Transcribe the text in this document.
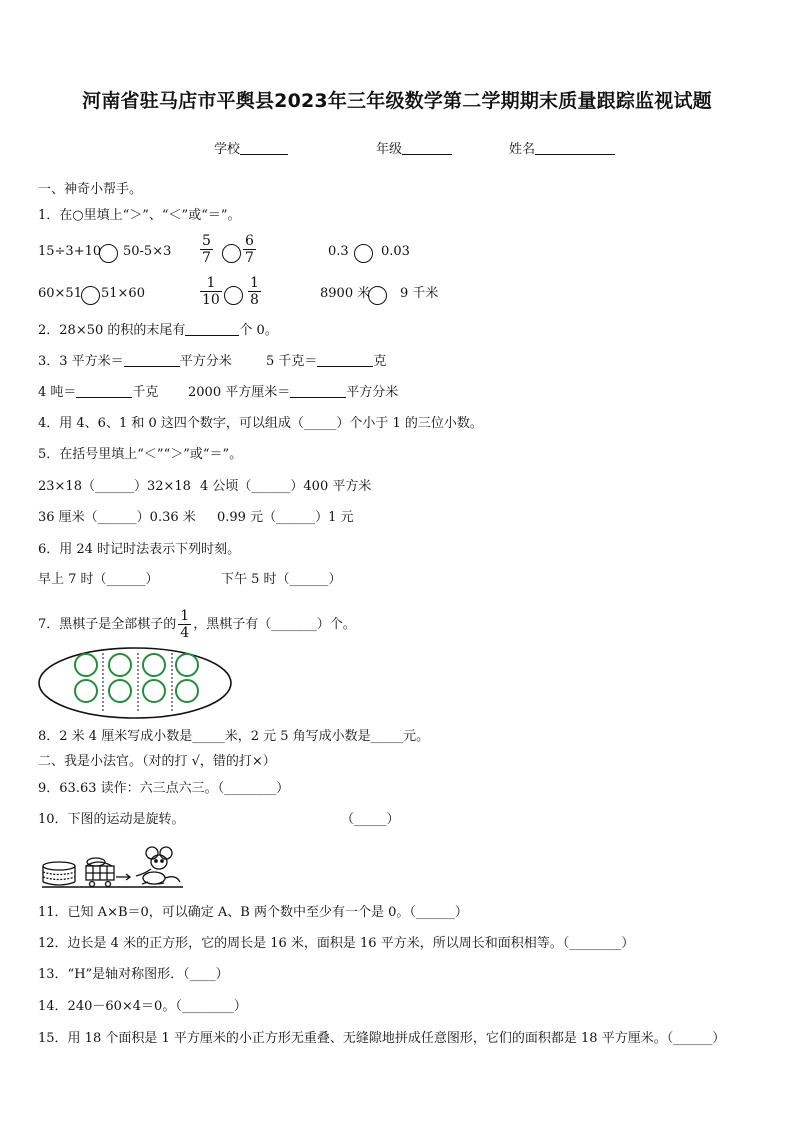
河南省驻马店市平舆县2023年三年级数学第二学期期末质量跟踪监视试题
学校	年级	姓名
一、神奇小帮手。
1．在○里填上“＞”、“＜”或“＝”。
15÷3+10 $50-5\times 3 \frac{5}{7} \frac{6}{7}$	0.3 0.03
60×51 51×60	$\frac{1}{10} \frac{1}{8}$	8900 米 9 千米
2．28×50 的积的末尾有	个 0。
3．3 平方米＝	平方分米	5 千克＝	克
4 吨＝	千克 2000 平方厘米＝	平方分米
4．用 4、6、1 和 0 这四个数字，可以组成（_____）个小于 1 的三位小数。
5．在括号里填上“＜”“＞”或“＝”。
23×18（______）32×18 4 公顷（______）400 平方米
36 厘米（______）0.36 米 0.99 元（______）1 元
6．用 24 时记时法表示下列时刻。
早上 7 时（______）	下午 5 时（______）
7．黑棋子是全部棋子的 $\frac{1}{4}$ ，黑棋子有（_______）个。
8．2 米 4 厘米写成小数是_____米，2 元 5 角写成小数是_____元。
二、我是小法官。（对的打 √，错的打×）
9．63.63 读作：六三点六三。（________）
10．下图的运动是旋转。	（_____）
11．已知 A×B＝0，可以确定 A、B 两个数中至少有一个是 0。（______）
12．边长是 4 米的正方形，它的周长是 16 米，面积是 16 平方米，所以周长和面积相等。（________）
13．“H”是轴对称图形．（____）
14．240－60×4＝0。（________）
15．用 18 个面积是 1 平方厘米的小正方形无重叠、无缝隙地拼成任意图形，它们的面积都是 18 平方厘米。（______）
